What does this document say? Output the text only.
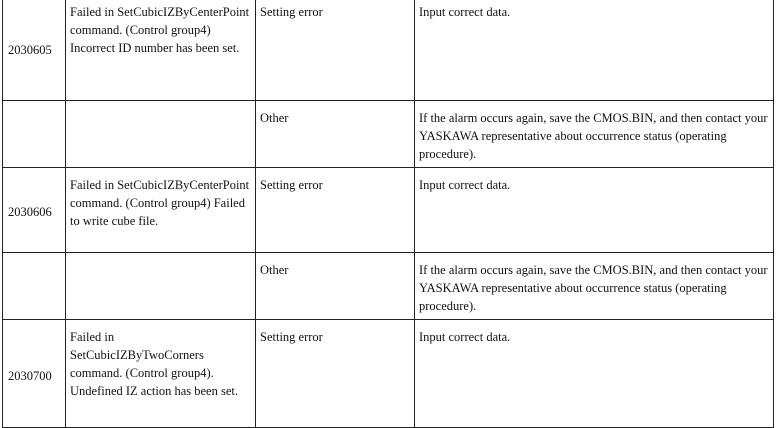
2030605	Failed in SetCubicIZByCenterPoint command. (Control group4) Incorrect ID number has been set.	Setting error	Input correct data.
		Other	If the alarm occurs again, save the CMOS.BIN, and then contact your YASKAWA representative about occurrence status (operating procedure).
2030606	Failed in SetCubicIZByCenterPoint command. (Control group4) Failed to write cube file.	Setting error	Input correct data.
		Other	If the alarm occurs again, save the CMOS.BIN, and then contact your YASKAWA representative about occurrence status (operating procedure).
2030700	Failed in SetCubicIZByTwoCorners command. (Control group4). Undefined IZ action has been set.	Setting error	Input correct data.
